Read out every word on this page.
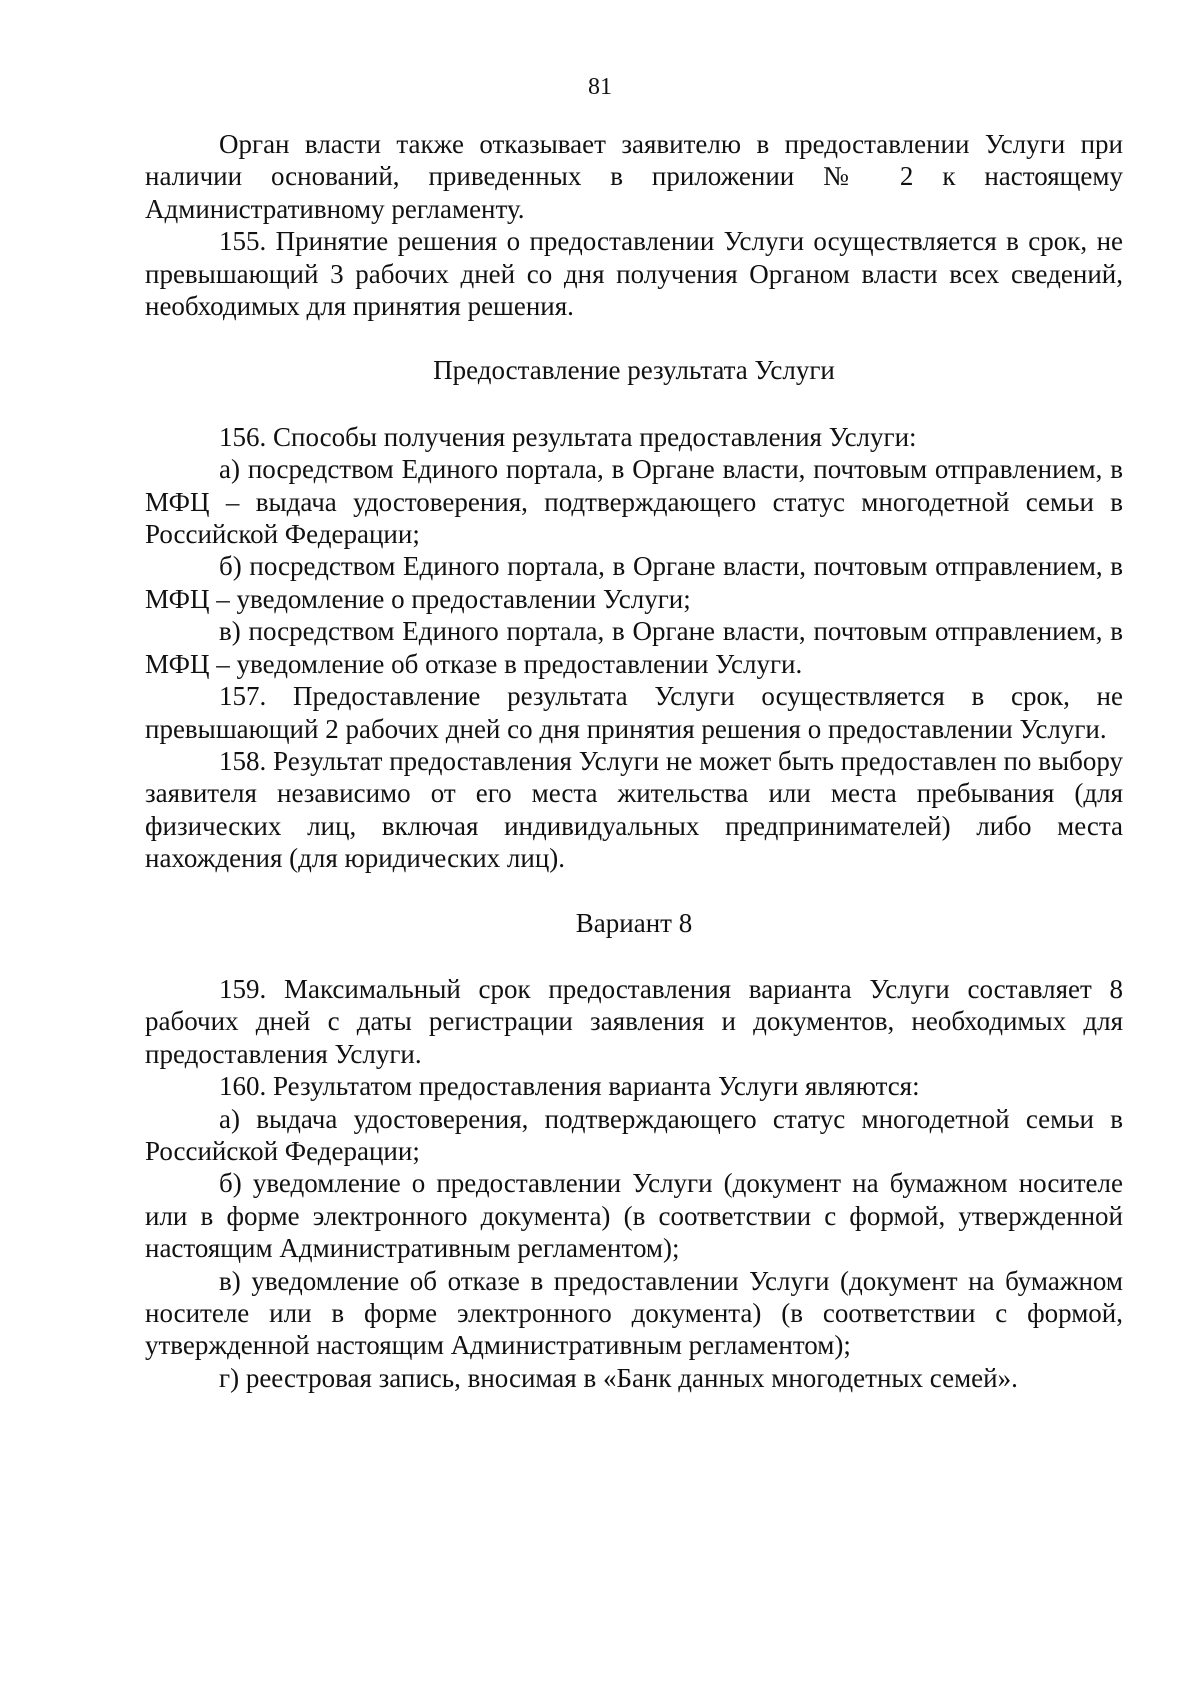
81

Орган власти также отказывает заявителю в предоставлении Услуги при наличии оснований, приведенных в приложении № 2 к настоящему Административному регламенту.

155. Принятие решения о предоставлении Услуги осуществляется в срок, не превышающий 3 рабочих дней со дня получения Органом власти всех сведений, необходимых для принятия решения.

Предоставление результата Услуги

156. Способы получения результата предоставления Услуги:

а) посредством Единого портала, в Органе власти, почтовым отправлением, в МФЦ – выдача удостоверения, подтверждающего статус многодетной семьи в Российской Федерации;

б) посредством Единого портала, в Органе власти, почтовым отправлением, в МФЦ – уведомление о предоставлении Услуги;

в) посредством Единого портала, в Органе власти, почтовым отправлением, в МФЦ – уведомление об отказе в предоставлении Услуги.

157. Предоставление результата Услуги осуществляется в срок, не превышающий 2 рабочих дней со дня принятия решения о предоставлении Услуги.

158. Результат предоставления Услуги не может быть предоставлен по выбору заявителя независимо от его места жительства или места пребывания (для физических лиц, включая индивидуальных предпринимателей) либо места нахождения (для юридических лиц).

Вариант 8

159. Максимальный срок предоставления варианта Услуги составляет 8 рабочих дней с даты регистрации заявления и документов, необходимых для предоставления Услуги.

160. Результатом предоставления варианта Услуги являются:

а) выдача удостоверения, подтверждающего статус многодетной семьи в Российской Федерации;

б) уведомление о предоставлении Услуги (документ на бумажном носителе или в форме электронного документа) (в соответствии с формой, утвержденной настоящим Административным регламентом);

в) уведомление об отказе в предоставлении Услуги (документ на бумажном носителе или в форме электронного документа) (в соответствии с формой, утвержденной настоящим Административным регламентом);

г) реестровая запись, вносимая в «Банк данных многодетных семей».
